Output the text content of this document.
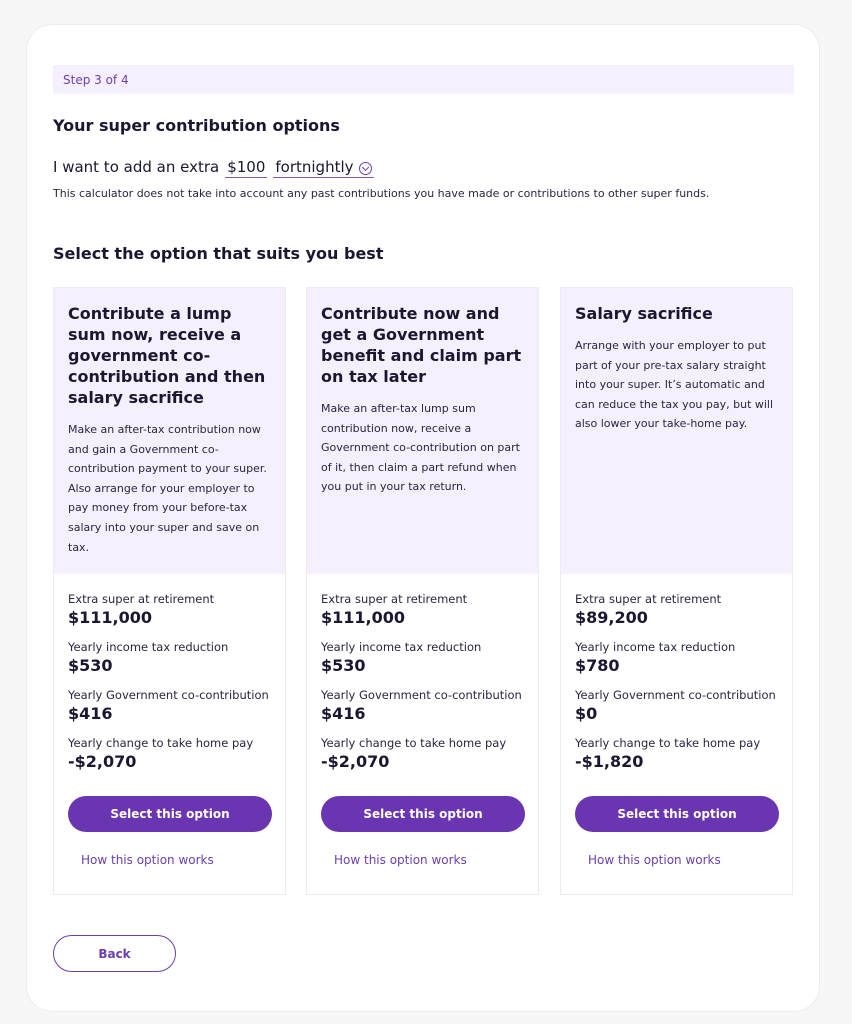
Step 3 of 4
Your super contribution options
I want to add an extra $100 fortnightly
This calculator does not take into account any past contributions you have made or contributions to other super funds.
Select the option that suits you best
Contribute a lump sum now, receive a government co-contribution and then salary sacrifice
Make an after-tax contribution now and gain a Government co-contribution payment to your super. Also arrange for your employer to pay money from your before-tax salary into your super and save on tax.
Extra super at retirement
$111,000
Yearly income tax reduction
$530
Yearly Government co-contribution
$416
Yearly change to take home pay
-$2,070
Select this option
How this option works
Contribute now and get a Government benefit and claim part on tax later
Make an after-tax lump sum contribution now, receive a Government co-contribution on part of it, then claim a part refund when you put in your tax return.
Extra super at retirement
$111,000
Yearly income tax reduction
$530
Yearly Government co-contribution
$416
Yearly change to take home pay
-$2,070
Select this option
How this option works
Salary sacrifice
Arrange with your employer to put part of your pre-tax salary straight into your super. It’s automatic and can reduce the tax you pay, but will also lower your take-home pay.
Extra super at retirement
$89,200
Yearly income tax reduction
$780
Yearly Government co-contribution
$0
Yearly change to take home pay
-$1,820
Select this option
How this option works
Back
